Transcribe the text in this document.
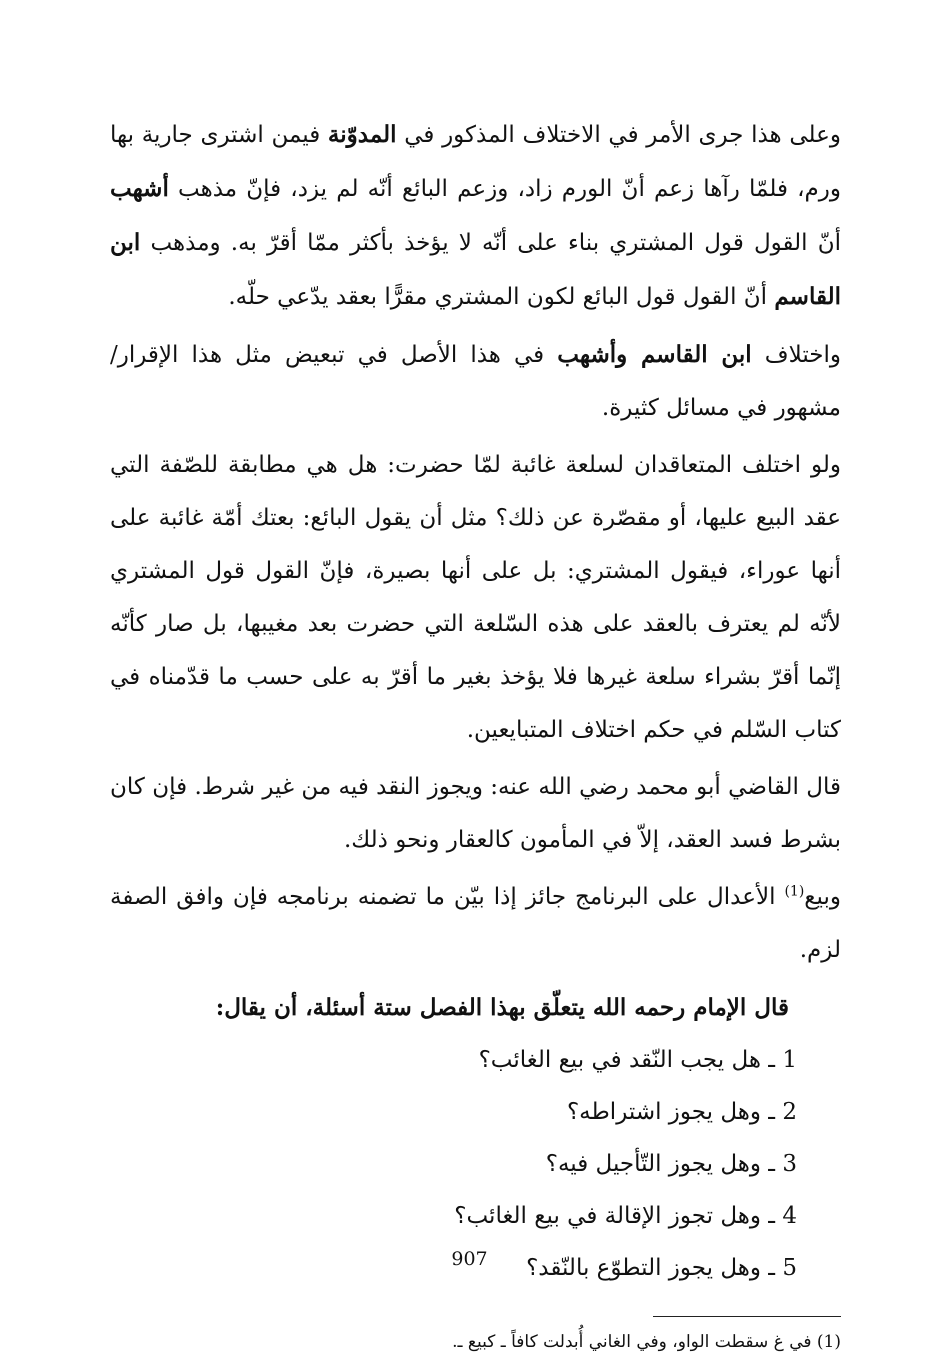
وعلى هذا جرى الأمر في الاختلاف المذكور في المدوّنة فيمن اشترى جارية بها ورم، فلمّا رآها زعم أنّ الورم زاد، وزعم البائع أنّه لم يزد، فإنّ مذهب أشهب أنّ القول قول المشتري بناء على أنّه لا يؤخذ بأكثر ممّا أقرّ به. ومذهب ابن القاسم أنّ القول قول البائع لكون المشتري مقرًّا بعقد يدّعي حلّه.

واختلاف ابن القاسم وأشهب في هذا الأصل في تبعيض مثل هذا الإقرار/ مشهور في مسائل كثيرة.

ولو اختلف المتعاقدان لسلعة غائبة لمّا حضرت: هل هي مطابقة للصّفة التي عقد البيع عليها، أو مقصّرة عن ذلك؟ مثل أن يقول البائع: بعتك أمّة غائبة على أنها عوراء، فيقول المشتري: بل على أنها بصيرة، فإنّ القول قول المشتري لأنّه لم يعترف بالعقد على هذه السّلعة التي حضرت بعد مغيبها، بل صار كأنّه إنّما أقرّ بشراء سلعة غيرها فلا يؤخذ بغير ما أقرّ به على حسب ما قدّمناه في كتاب السّلم في حكم اختلاف المتبايعين.

قال القاضي أبو محمد رضي الله عنه: ويجوز النقد فيه من غير شرط. فإن كان بشرط فسد العقد، إلاّ في المأمون كالعقار ونحو ذلك.

وبيع$^{(1)}$ الأعدال على البرنامج جائز إذا بيّن ما تضمنه برنامجه فإن وافق الصفة لزم.

قال الإمام رحمه الله يتعلّق بهذا الفصل ستة أسئلة، أن يقال:

1 ـ هل يجب النّقد في بيع الغائب؟
2 ـ وهل يجوز اشتراطه؟
3 ـ وهل يجوز التّأجيل فيه؟
4 ـ وهل تجوز الإقالة في بيع الغائب؟
5 ـ وهل يجوز التطوّع بالنّقد؟

(1) في غ سقطت الواو، وفي الغاني أُبدلت كافاً ـ كبيع ـ.

907
